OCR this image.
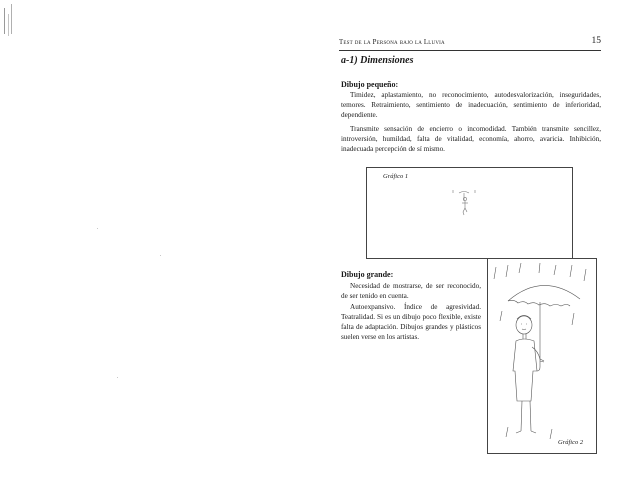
Test de la Persona bajo la Lluvia	15
a-1) Dimensiones
Dibujo pequeño:

Timidez, aplastamiento, no reconocimiento, autodesvalorización, inseguridades, temores. Retraimiento, sentimiento de inadecuación, sentimiento de inferioridad, dependiente.

Transmite sensación de encierro o incomodidad. También transmite sencillez, introversión, humildad, falta de vitalidad, economía, ahorro, avaricia. Inhibición, inadecuada percepción de sí mismo.

Gráfico 1
Dibujo grande:

Necesidad de mostrarse, de ser reconocido, de ser tenido en cuenta.

Autoexpansivo. Índice de agresividad. Teatralidad. Si es un dibujo poco flexible, existe falta de adaptación. Dibujos grandes y plásticos suelen verse en los artistas.

Gráfico 2
